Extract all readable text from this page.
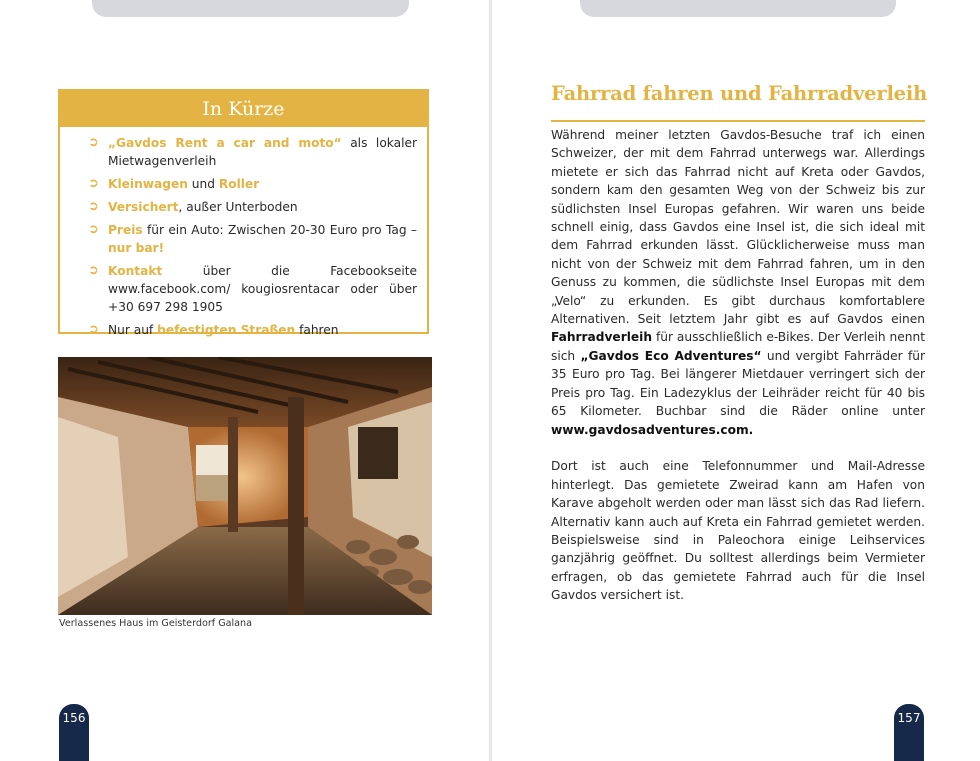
In Kürze
➲ „Gavdos Rent a car and moto“ als lokaler Mietwagenverleih
➲ Kleinwagen und Roller
➲ Versichert, außer Unterboden
➲ Preis für ein Auto: Zwischen 20-30 Euro pro Tag – nur bar!
➲ Kontakt über die Facebookseite www.facebook.com/ kougiosrentacar oder über +30 697 298 1905
➲ Nur auf befestigten Straßen fahren
Verlassenes Haus im Geisterdorf Galana
156
Fahrrad fahren und Fahrradverleih

Während meiner letzten Gavdos-Besuche traf ich einen Schweizer, der mit dem Fahrrad unterwegs war. Allerdings mietete er sich das Fahrrad nicht auf Kreta oder Gavdos, sondern kam den gesamten Weg von der Schweiz bis zur südlichsten Insel Europas gefahren. Wir waren uns beide schnell einig, dass Gavdos eine Insel ist, die sich ideal mit dem Fahrrad erkunden lässt. Glücklicherweise muss man nicht von der Schweiz mit dem Fahrrad fahren, um in den Genuss zu kommen, die südlichste Insel Europas mit dem „Velo“ zu erkunden. Es gibt durchaus komfortablere Alternativen. Seit letztem Jahr gibt es auf Gavdos einen Fahrradverleih für ausschließlich e-Bikes. Der Verleih nennt sich „Gavdos Eco Adventures“ und vergibt Fahrräder für 35 Euro pro Tag. Bei längerer Mietdauer verringert sich der Preis pro Tag. Ein Ladezyklus der Leihräder reicht für 40 bis 65 Kilometer. Buchbar sind die Räder online unter www.gavdosadventures.com.

Dort ist auch eine Telefonnummer und Mail-Adresse hinterlegt. Das gemietete Zweirad kann am Hafen von Karave abgeholt werden oder man lässt sich das Rad liefern. Alternativ kann auch auf Kreta ein Fahrrad gemietet werden. Beispielsweise sind in Paleochora einige Leihservices ganzjährig geöffnet. Du solltest allerdings beim Vermieter erfragen, ob das gemietete Fahrrad auch für die Insel Gavdos versichert ist.

157
